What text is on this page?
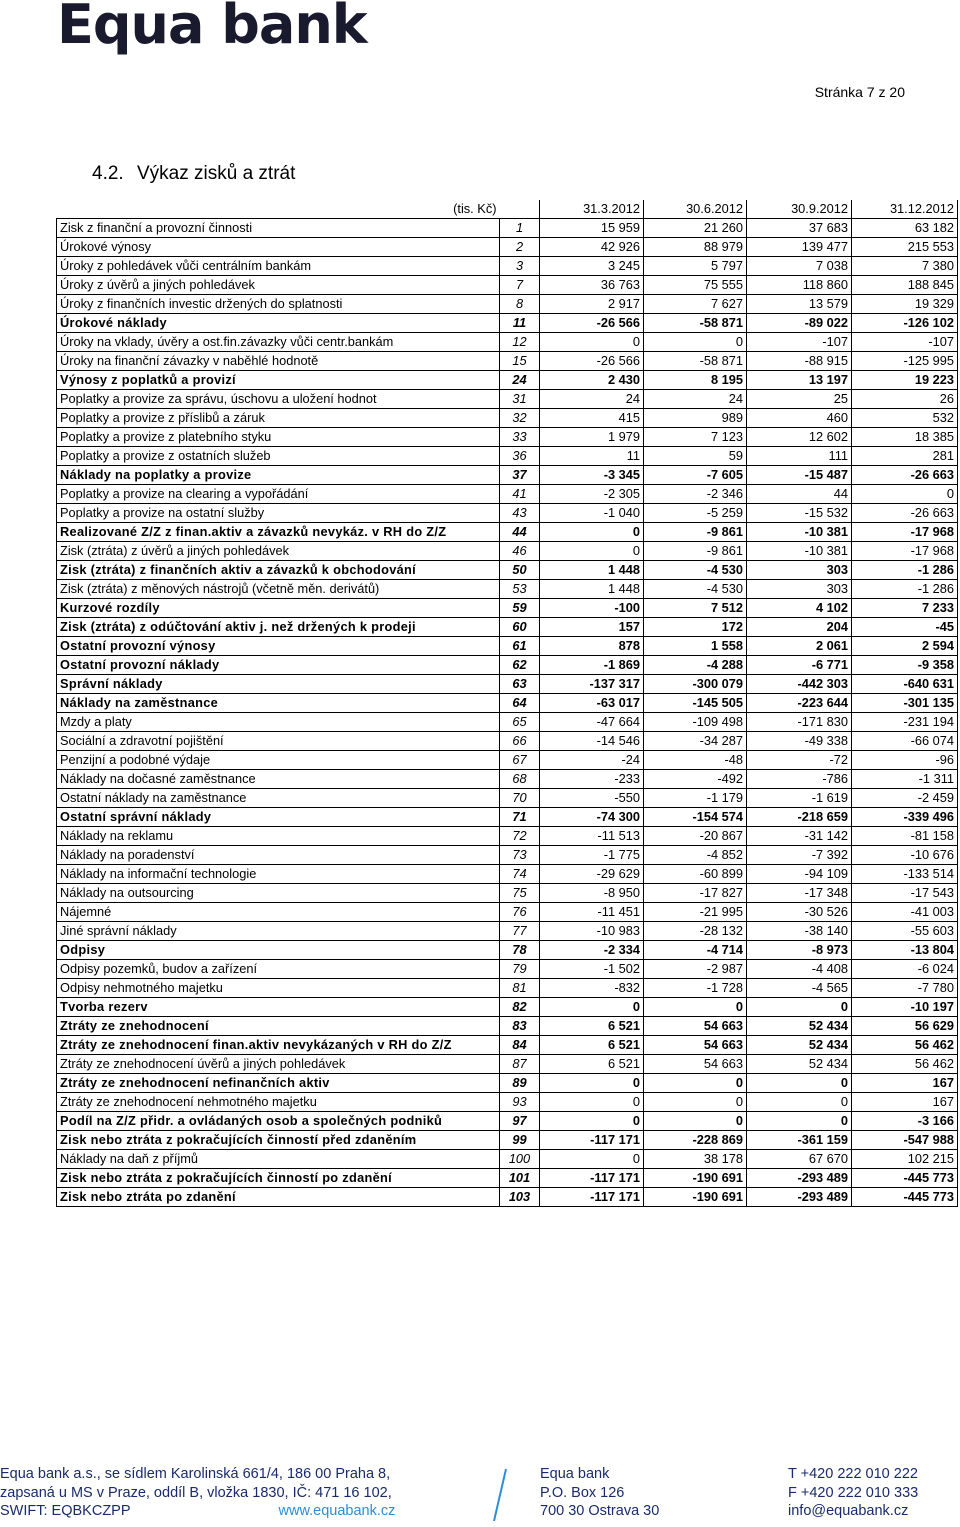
Equa bank
Stránka 7 z 20
4.2. Výkaz zisků a ztrát
(tis. Kč)		31.3.2012	30.6.2012	30.9.2012	31.12.2012
Zisk z finanční a provozní činnosti	1	15 959	21 260	37 683	63 182
Úrokové výnosy	2	42 926	88 979	139 477	215 553
Úroky z pohledávek vůči centrálním bankám	3	3 245	5 797	7 038	7 380
Úroky z úvěrů a jiných pohledávek	7	36 763	75 555	118 860	188 845
Úroky z finančních investic držených do splatnosti	8	2 917	7 627	13 579	19 329
Úrokové náklady	11	-26 566	-58 871	-89 022	-126 102
Úroky na vklady, úvěry a ost.fin.závazky vůči centr.bankám	12	0	0	-107	-107
Úroky na finanční závazky v naběhlé hodnotě	15	-26 566	-58 871	-88 915	-125 995
Výnosy z poplatků a provizí	24	2 430	8 195	13 197	19 223
Poplatky a provize za správu, úschovu a uložení hodnot	31	24	24	25	26
Poplatky a provize z příslibů a záruk	32	415	989	460	532
Poplatky a provize z platebního styku	33	1 979	7 123	12 602	18 385
Poplatky a provize z ostatních služeb	36	11	59	111	281
Náklady na poplatky a provize	37	-3 345	-7 605	-15 487	-26 663
Poplatky a provize na clearing a vypořádání	41	-2 305	-2 346	44	0
Poplatky a provize na ostatní služby	43	-1 040	-5 259	-15 532	-26 663
Realizované Z/Z z finan.aktiv a závazků nevykáz. v RH do Z/Z	44	0	-9 861	-10 381	-17 968
Zisk (ztráta) z úvěrů a jiných pohledávek	46	0	-9 861	-10 381	-17 968
Zisk (ztráta) z finančních aktiv a závazků k obchodování	50	1 448	-4 530	303	-1 286
Zisk (ztráta) z měnových nástrojů (včetně měn. derivátů)	53	1 448	-4 530	303	-1 286
Kurzové rozdíly	59	-100	7 512	4 102	7 233
Zisk (ztráta) z odúčtování aktiv j. než držených k prodeji	60	157	172	204	-45
Ostatní provozní výnosy	61	878	1 558	2 061	2 594
Ostatní provozní náklady	62	-1 869	-4 288	-6 771	-9 358
Správní náklady	63	-137 317	-300 079	-442 303	-640 631
Náklady na zaměstnance	64	-63 017	-145 505	-223 644	-301 135
Mzdy a platy	65	-47 664	-109 498	-171 830	-231 194
Sociální a zdravotní pojištění	66	-14 546	-34 287	-49 338	-66 074
Penzijní a podobné výdaje	67	-24	-48	-72	-96
Náklady na dočasné zaměstnance	68	-233	-492	-786	-1 311
Ostatní náklady na zaměstnance	70	-550	-1 179	-1 619	-2 459
Ostatní správní náklady	71	-74 300	-154 574	-218 659	-339 496
Náklady na reklamu	72	-11 513	-20 867	-31 142	-81 158
Náklady na poradenství	73	-1 775	-4 852	-7 392	-10 676
Náklady na informační technologie	74	-29 629	-60 899	-94 109	-133 514
Náklady na outsourcing	75	-8 950	-17 827	-17 348	-17 543
Nájemné	76	-11 451	-21 995	-30 526	-41 003
Jiné správní náklady	77	-10 983	-28 132	-38 140	-55 603
Odpisy	78	-2 334	-4 714	-8 973	-13 804
Odpisy pozemků, budov a zařízení	79	-1 502	-2 987	-4 408	-6 024
Odpisy nehmotného majetku	81	-832	-1 728	-4 565	-7 780
Tvorba rezerv	82	0	0	0	-10 197
Ztráty ze znehodnocení	83	6 521	54 663	52 434	56 629
Ztráty ze znehodnocení finan.aktiv nevykázaných v RH do Z/Z	84	6 521	54 663	52 434	56 462
Ztráty ze znehodnocení úvěrů a jiných pohledávek	87	6 521	54 663	52 434	56 462
Ztráty ze znehodnocení nefinančních aktiv	89	0	0	0	167
Ztráty ze znehodnocení nehmotného majetku	93	0	0	0	167
Podíl na Z/Z přidr. a ovládaných osob a společných podniků	97	0	0	0	-3 166
Zisk nebo ztráta z pokračujících činností před zdaněním	99	-117 171	-228 869	-361 159	-547 988
Náklady na daň z příjmů	100	0	38 178	67 670	102 215
Zisk nebo ztráta z pokračujících činností po zdanění	101	-117 171	-190 691	-293 489	-445 773
Zisk nebo ztráta po zdanění	103	-117 171	-190 691	-293 489	-445 773
Equa bank a.s., se sídlem Karolinská 661/4, 186 00 Praha 8,
zapsaná u MS v Praze, oddíl B, vložka 1830, IČ: 471 16 102,
SWIFT: EQBKCZPP	www.equabank.cz
Equa bank
P.O. Box 126
700 30 Ostrava 30
T +420 222 010 222
F +420 222 010 333
info@equabank.cz
